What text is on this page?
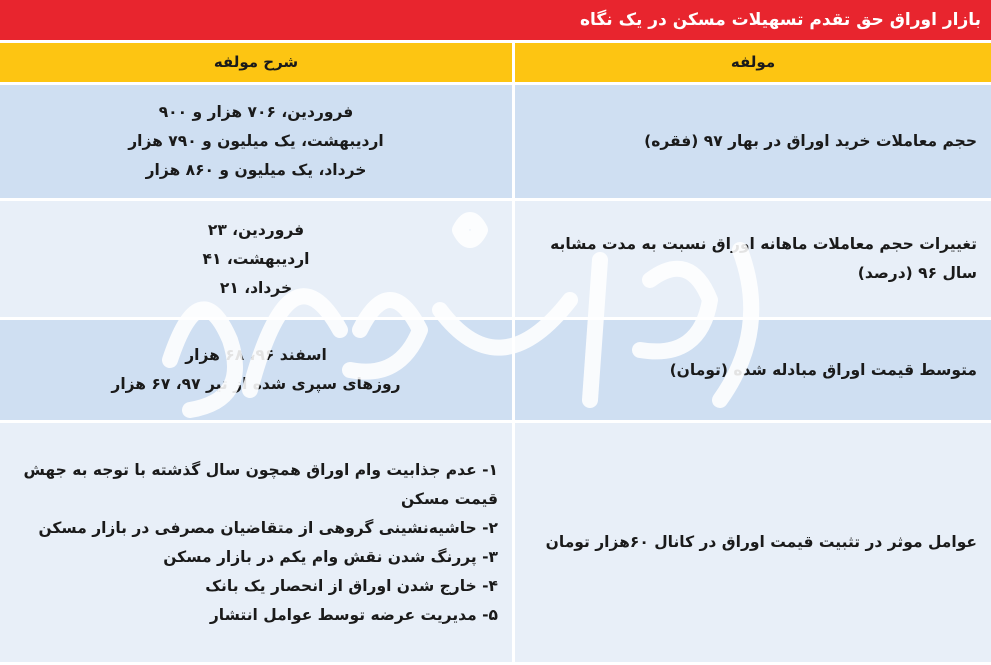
بازار اوراق حق تقدم تسهیلات مسکن در یک نگاه
مولفه	شرح مولفه
حجم معاملات خرید اوراق در بهار ۹۷ (فقره)	فروردین، ۷۰۶ هزار و ۹۰۰
اردیبهشت، یک میلیون و ۷۹۰ هزار
خرداد، یک میلیون و ۸۶۰ هزار

تغییرات حجم معاملات ماهانه اوراق نسبت به مدت مشابه سال ۹۶ (درصد)	فروردین، ۲۳
اردیبهشت، ۴۱
خرداد، ۲۱

متوسط قیمت اوراق مبادله شده (تومان)	اسفند ۹۶، ۶۸ هزار
روزهای سپری شده از تیر ۹۷، ۶۷ هزار

عوامل موثر در تثبیت قیمت اوراق در کانال ۶۰هزار تومان	۱- عدم جذابیت وام اوراق همچون سال گذشته با توجه به جهش قیمت مسکن
۲- حاشیه‌نشینی گروهی از متقاضیان مصرفی در بازار مسکن
۳- پررنگ شدن نقش وام یکم در بازار مسکن
۴- خارج شدن اوراق از انحصار یک بانک
۵- مدیریت عرضه توسط عوامل انتشار
